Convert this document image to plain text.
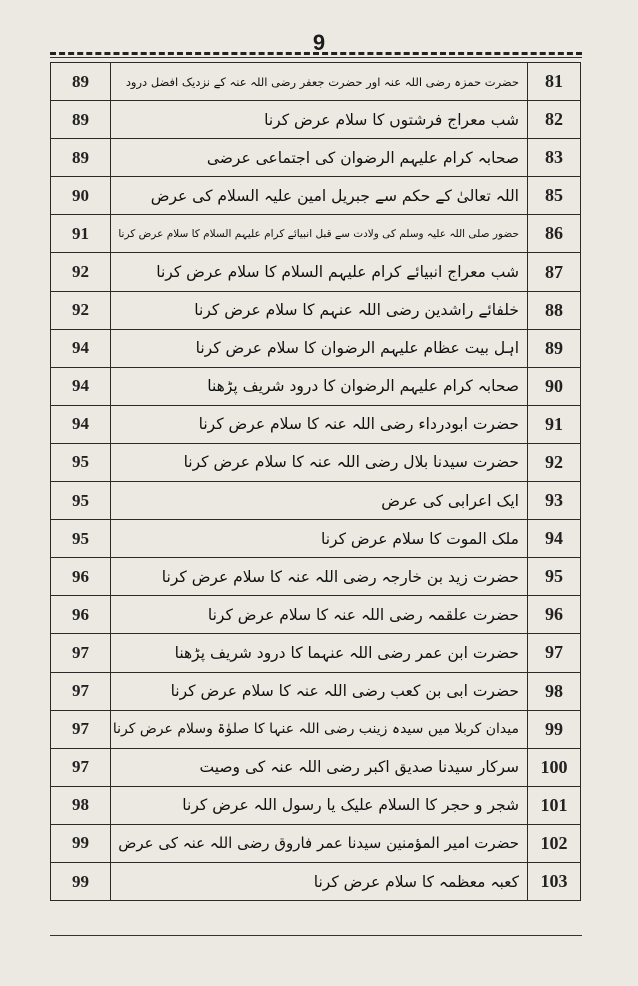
9
89	حضرت حمزہ رضی اللہ عنہ اور حضرت جعفر رضی اللہ عنہ کے نزدیک افضل درود	81
89	شب معراج فرشتوں کا سلام عرض کرنا	82
89	صحابہ کرام علیہم الرضوان کی اجتماعی عرضی	83
90	اللہ تعالیٰ کے حکم سے جبریل امین علیہ السلام کی عرض	85
91	حضور صلی اللہ علیہ وسلم کی ولادت سے قبل انبیائے کرام علیہم السلام کا سلام عرض کرنا	86
92	شب معراج انبیائے کرام علیہم السلام کا سلام عرض کرنا	87
92	خلفائے راشدین رضی اللہ عنہم کا سلام عرض کرنا	88
94	اہل بیت عظام علیہم الرضوان کا سلام عرض کرنا	89
94	صحابہ کرام علیہم الرضوان کا درود شریف پڑھنا	90
94	حضرت ابودرداء رضی اللہ عنہ کا سلام عرض کرنا	91
95	حضرت سیدنا بلال رضی اللہ عنہ کا سلام عرض کرنا	92
95	ایک اعرابی کی عرض	93
95	ملک الموت کا سلام عرض کرنا	94
96	حضرت زید بن خارجہ رضی اللہ عنہ کا سلام عرض کرنا	95
96	حضرت علقمہ رضی اللہ عنہ کا سلام عرض کرنا	96
97	حضرت ابن عمر رضی اللہ عنہما کا درود شریف پڑھنا	97
97	حضرت ابی بن کعب رضی اللہ عنہ کا سلام عرض کرنا	98
97	میدان کربلا میں سیدہ زینب رضی اللہ عنہا کا صلوٰۃ وسلام عرض کرنا	99
97	سرکار سیدنا صدیق اکبر رضی اللہ عنہ کی وصیت	100
98	شجر و حجر کا السلام علیک یا رسول اللہ عرض کرنا	101
99	حضرت امیر المؤمنین سیدنا عمر فاروق رضی اللہ عنہ کی عرض	102
99	کعبہ معظمہ کا سلام عرض کرنا	103
